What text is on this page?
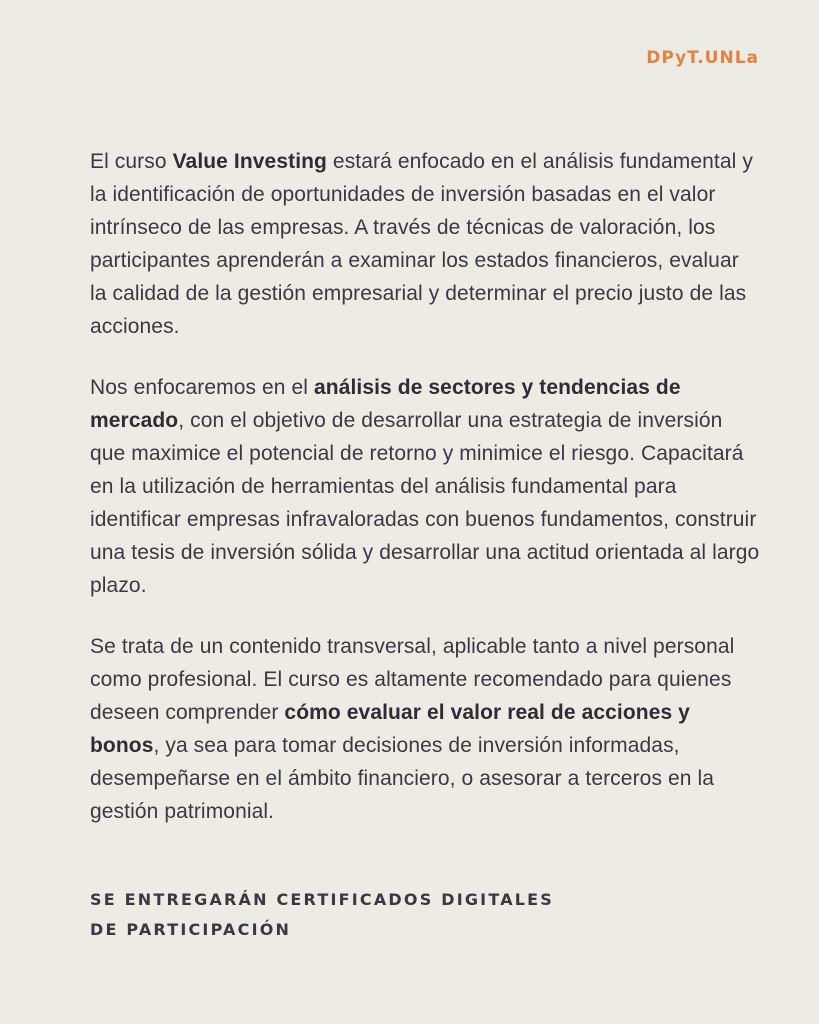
DPyT.UNLa

El curso Value Investing estará enfocado en el análisis fundamental y la identificación de oportunidades de inversión basadas en el valor intrínseco de las empresas. A través de técnicas de valoración, los participantes aprenderán a examinar los estados financieros, evaluar la calidad de la gestión empresarial y determinar el precio justo de las acciones.

Nos enfocaremos en el análisis de sectores y tendencias de mercado, con el objetivo de desarrollar una estrategia de inversión que maximice el potencial de retorno y minimice el riesgo. Capacitará en la utilización de herramientas del análisis fundamental para identificar empresas infravaloradas con buenos fundamentos, construir una tesis de inversión sólida y desarrollar una actitud orientada al largo plazo.

Se trata de un contenido transversal, aplicable tanto a nivel personal como profesional. El curso es altamente recomendado para quienes deseen comprender cómo evaluar el valor real de acciones y bonos, ya sea para tomar decisiones de inversión informadas, desempeñarse en el ámbito financiero, o asesorar a terceros en la gestión patrimonial.

SE ENTREGARÁN CERTIFICADOS DIGITALES
DE PARTICIPACIÓN
